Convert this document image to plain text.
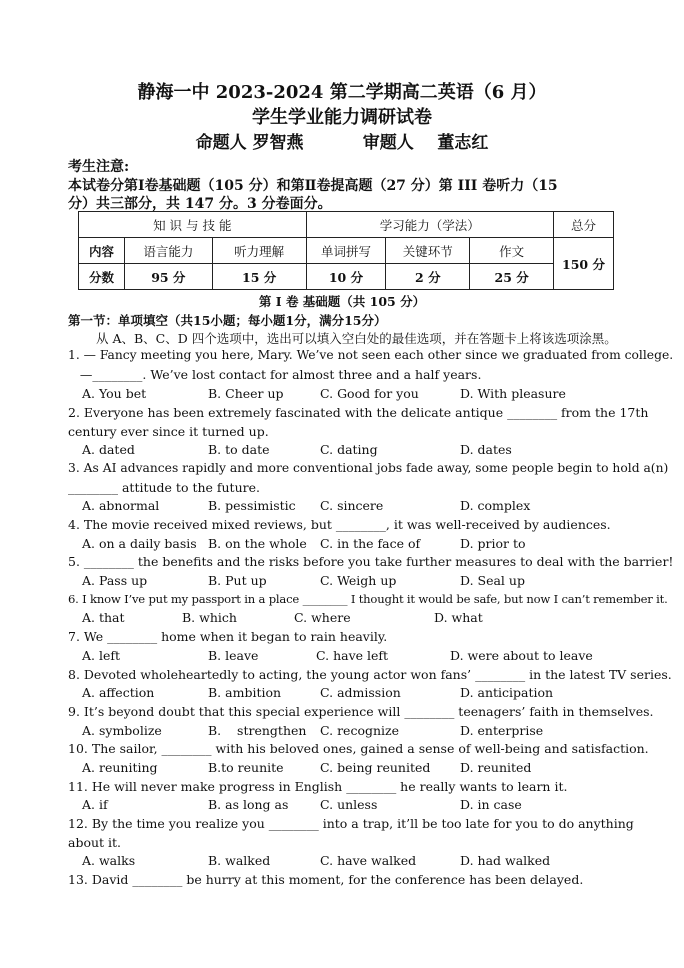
静海一中 2023-2024 第二学期高二英语（6 月）
学生学业能力调研试卷
命题人 罗智燕          审题人    董志红
考生注意:
本试卷分第Ⅰ卷基础题（105 分）和第Ⅱ卷提高题（27 分）第 III 卷听力（15
分）共三部分，共 147 分。3 分卷面分。
知 识 与 技 能			学习能力（学法）			总分
内容	语言能力	听力理解	单词拼写	关键环节	作文	150 分
分数	95 分	15 分	10 分	2 分	25 分	
第 I 卷 基础题（共 105 分）
第一节：单项填空（共15小题；每小题1分，满分15分）
从 A、B、C、D 四个选项中，选出可以填入空白处的最佳选项，并在答题卡上将该选项涂黑。
1. — Fancy meeting you here, Mary. We’ve not seen each other since we graduated from college.
—________. We’ve lost contact for almost three and a half years.
A. You bet	B. Cheer up	C. Good for you	D. With pleasure
2. Everyone has been extremely fascinated with the delicate antique ________ from the 17th
century ever since it turned up.
A. dated	B. to date	C. dating	D. dates
3. As AI advances rapidly and more conventional jobs fade away, some people begin to hold a(n)
________ attitude to the future.
A. abnormal	B. pessimistic C. sincere	D. complex
4. The movie received mixed reviews, but ________, it was well-received by audiences.
A. on a daily basis B. on the whole C. in the face of	D. prior to
5. ________ the benefits and the risks before you take further measures to deal with the barrier!
A. Pass up	B. Put up	C. Weigh up	D. Seal up
6. I know I’ve put my passport in a place ________ I thought it would be safe, but now I can’t remember it.
A. that	B. which	C. where	D. what
7. We ________ home when it began to rain heavily.
A. left	B. leave	C. have left	D. were about to leave
8. Devoted wholeheartedly to acting, the young actor won fans’ ________ in the latest TV series.
A. affection	B. ambition	C. admission	D. anticipation
9. It’s beyond doubt that this special experience will ________ teenagers’ faith in themselves.
A. symbolize	B.    strengthen C. recognize	D. enterprise
10. The sailor, ________ with his beloved ones, gained a sense of well-being and satisfaction.
A. reuniting	B.to reunite	C. being reunited D. reunited
11. He will never make progress in English ________ he really wants to learn it.
A. if	B. as long as	C. unless	D. in case
12. By the time you realize you ________ into a trap, it’ll be too late for you to do anything
about it.
A. walks	B. walked	C. have walked	D. had walked
13. David ________ be hurry at this moment, for the conference has been delayed.
